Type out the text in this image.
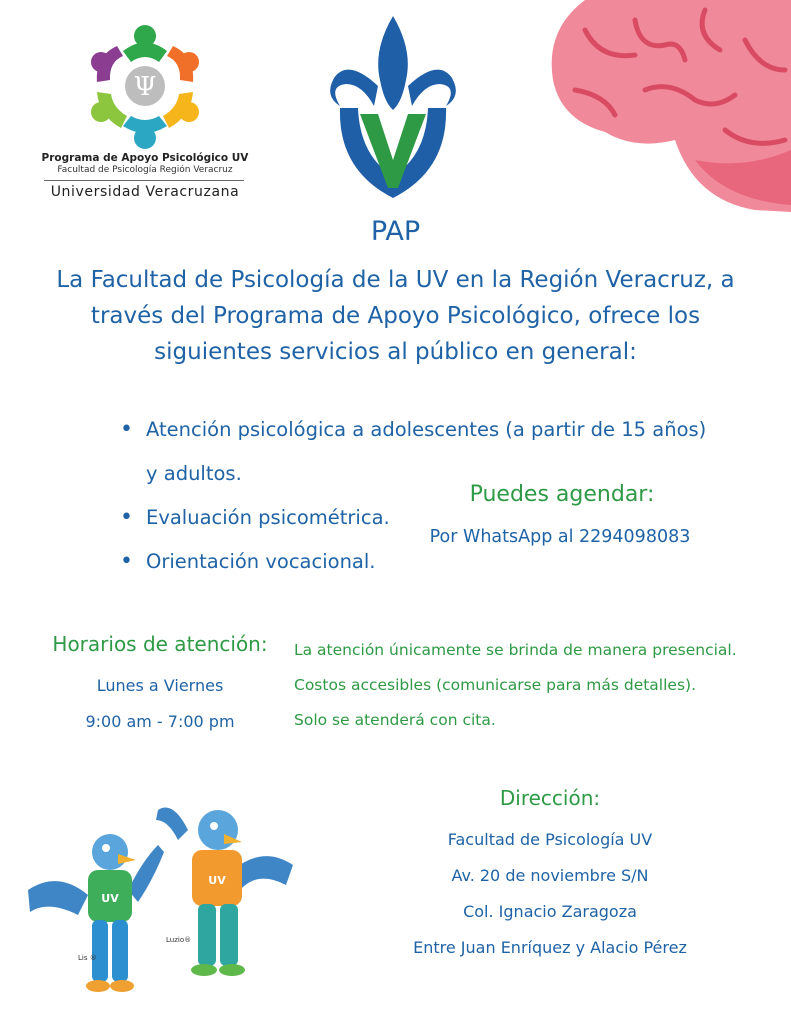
Ψ
Programa de Apoyo Psicológico UV
Facultad de Psicología Región Veracruz
Universidad Veracruzana
PAP
La Facultad de Psicología de la UV en la Región Veracruz, a través del Programa de Apoyo Psicológico, ofrece los siguientes servicios al público en general:
• Atención psicológica a adolescentes (a partir de 15 años)
y adultos.
• Evaluación psicométrica.
• Orientación vocacional.
Puedes agendar:
Por WhatsApp al 2294098083
Horarios de atención:
Lunes a Viernes
9:00 am - 7:00 pm
La atención únicamente se brinda de manera presencial.
Costos accesibles (comunicarse para más detalles).
Solo se atenderá con cita.
Dirección:
Facultad de Psicología UV
Av. 20 de noviembre S/N
Col. Ignacio Zaragoza
Entre Juan Enríquez y Alacio Pérez
UV
Lis ®
UV
Luzio®
